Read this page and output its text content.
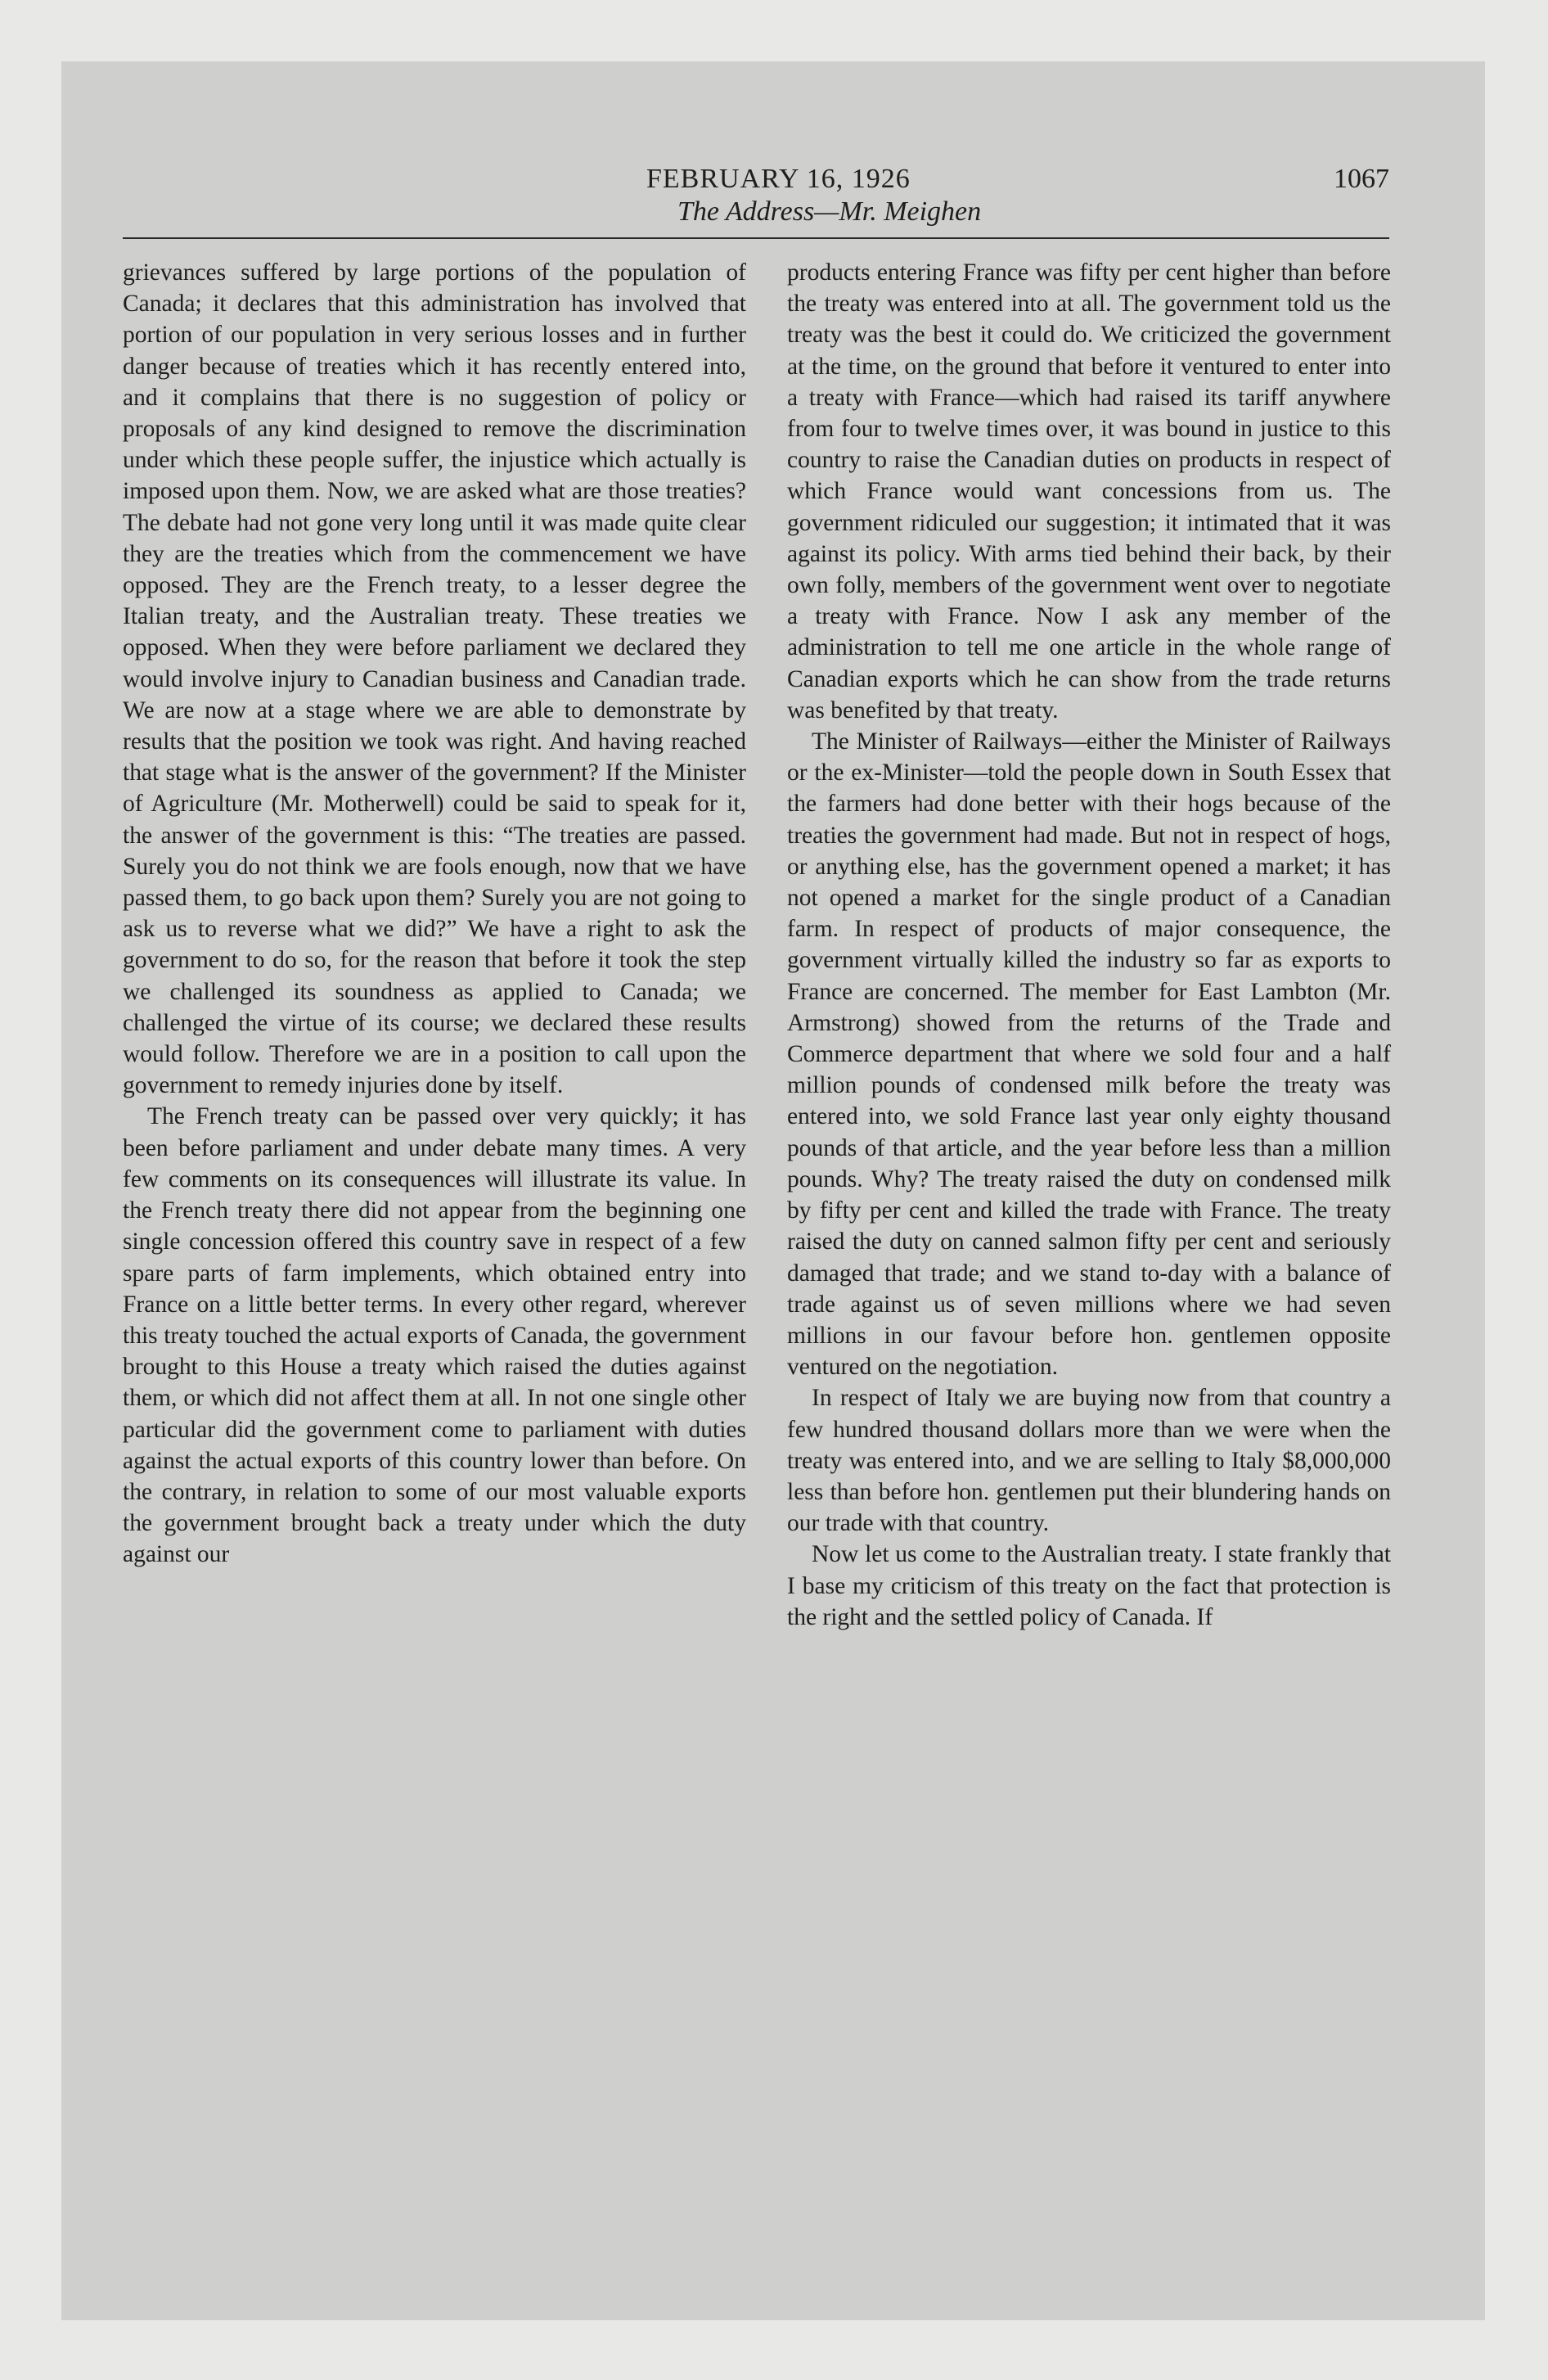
FEBRUARY 16, 1926
The Address—Mr. Meighen
1067

grievances suffered by large portions of the population of Canada; it declares that this administration has involved that portion of our population in very serious losses and in further danger because of treaties which it has recently entered into, and it complains that there is no suggestion of policy or proposals of any kind designed to remove the discrimination under which these people suffer, the injustice which actually is imposed upon them. Now, we are asked what are those treaties? The debate had not gone very long until it was made quite clear they are the treaties which from the commencement we have opposed. They are the French treaty, to a lesser degree the Italian treaty, and the Australian treaty. These treaties we opposed. When they were before parliament we declared they would involve injury to Canadian business and Canadian trade. We are now at a stage where we are able to demonstrate by results that the position we took was right. And having reached that stage what is the answer of the government? If the Minister of Agriculture (Mr. Motherwell) could be said to speak for it, the answer of the government is this: “The treaties are passed. Surely you do not think we are fools enough, now that we have passed them, to go back upon them? Surely you are not going to ask us to reverse what we did?” We have a right to ask the government to do so, for the reason that before it took the step we challenged its soundness as applied to Canada; we challenged the virtue of its course; we declared these results would follow. Therefore we are in a position to call upon the government to remedy injuries done by itself.

The French treaty can be passed over very quickly; it has been before parliament and under debate many times. A very few comments on its consequences will illustrate its value. In the French treaty there did not appear from the beginning one single concession offered this country save in respect of a few spare parts of farm implements, which obtained entry into France on a little better terms. In every other regard, wherever this treaty touched the actual exports of Canada, the government brought to this House a treaty which raised the duties against them, or which did not affect them at all. In not one single other particular did the government come to parliament with duties against the actual exports of this country lower than before. On the contrary, in relation to some of our most valuable exports the government brought back a treaty under which the duty against our

products entering France was fifty per cent higher than before the treaty was entered into at all. The government told us the treaty was the best it could do. We criticized the government at the time, on the ground that before it ventured to enter into a treaty with France—which had raised its tariff anywhere from four to twelve times over, it was bound in justice to this country to raise the Canadian duties on products in respect of which France would want concessions from us. The government ridiculed our suggestion; it intimated that it was against its policy. With arms tied behind their back, by their own folly, members of the government went over to negotiate a treaty with France. Now I ask any member of the administration to tell me one article in the whole range of Canadian exports which he can show from the trade returns was benefited by that treaty.

The Minister of Railways—either the Minister of Railways or the ex-Minister—told the people down in South Essex that the farmers had done better with their hogs because of the treaties the government had made. But not in respect of hogs, or anything else, has the government opened a market; it has not opened a market for the single product of a Canadian farm. In respect of products of major consequence, the government virtually killed the industry so far as exports to France are concerned. The member for East Lambton (Mr. Armstrong) showed from the returns of the Trade and Commerce department that where we sold four and a half million pounds of condensed milk before the treaty was entered into, we sold France last year only eighty thousand pounds of that article, and the year before less than a million pounds. Why? The treaty raised the duty on condensed milk by fifty per cent and killed the trade with France. The treaty raised the duty on canned salmon fifty per cent and seriously damaged that trade; and we stand to-day with a balance of trade against us of seven millions where we had seven millions in our favour before hon. gentlemen opposite ventured on the negotiation.

In respect of Italy we are buying now from that country a few hundred thousand dollars more than we were when the treaty was entered into, and we are selling to Italy $8,000,000 less than before hon. gentlemen put their blundering hands on our trade with that country.

Now let us come to the Australian treaty. I state frankly that I base my criticism of this treaty on the fact that protection is the right and the settled policy of Canada. If
